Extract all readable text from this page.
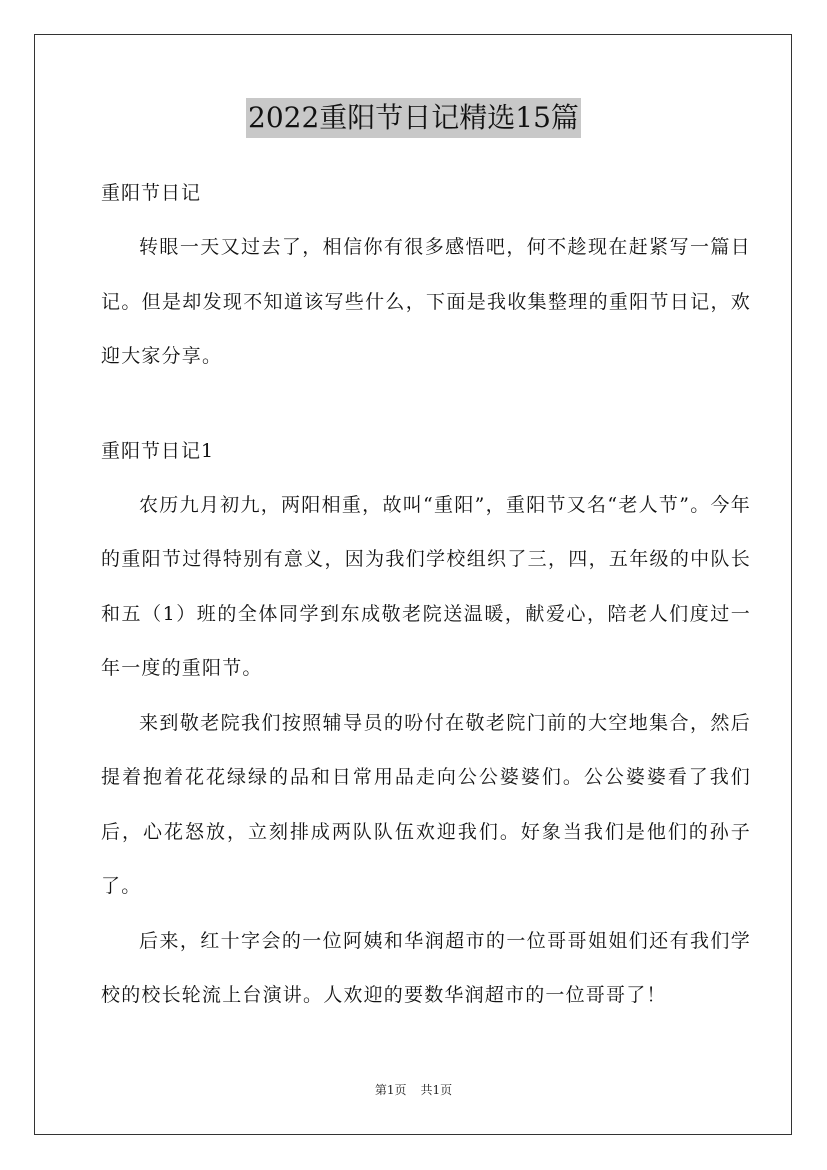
2022重阳节日记精选15篇

重阳节日记

转眼一天又过去了，相信你有很多感悟吧，何不趁现在赶紧写一篇日记。但是却发现不知道该写些什么，下面是我收集整理的重阳节日记，欢迎大家分享。

重阳节日记1

农历九月初九，两阳相重，故叫“重阳”，重阳节又名“老人节”。今年的重阳节过得特别有意义，因为我们学校组织了三，四，五年级的中队长和五（1）班的全体同学到东成敬老院送温暖，献爱心，陪老人们度过一年一度的重阳节。

来到敬老院我们按照辅导员的吩付在敬老院门前的大空地集合，然后提着抱着花花绿绿的品和日常用品走向公公婆婆们。公公婆婆看了我们后，心花怒放，立刻排成两队队伍欢迎我们。好象当我们是他们的孙子了。

后来，红十字会的一位阿姨和华润超市的一位哥哥姐姐们还有我们学校的校长轮流上台演讲。人欢迎的要数华润超市的一位哥哥了！

第1页 共1页
